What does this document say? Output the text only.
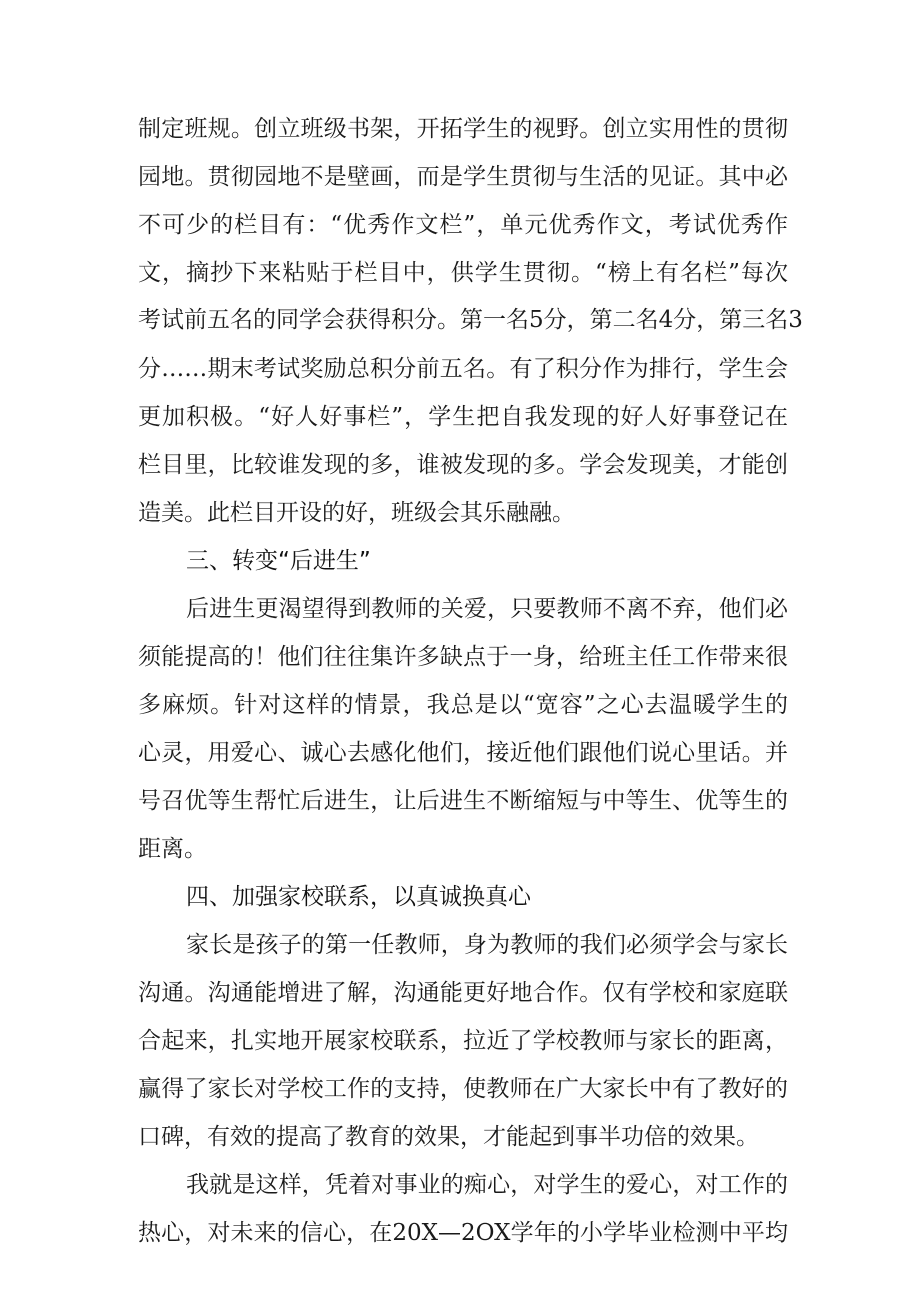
制定班规。创立班级书架，开拓学生的视野。创立实用性的贯彻
园地。贯彻园地不是壁画，而是学生贯彻与生活的见证。其中必
不可少的栏目有：“优秀作文栏”，单元优秀作文，考试优秀作
文，摘抄下来粘贴于栏目中，供学生贯彻。“榜上有名栏”每次
考试前五名的同学会获得积分。第一名5分，第二名4分，第三名3
分……期末考试奖励总积分前五名。有了积分作为排行，学生会
更加积极。“好人好事栏”，学生把自我发现的好人好事登记在
栏目里，比较谁发现的多，谁被发现的多。学会发现美，才能创
造美。此栏目开设的好，班级会其乐融融。
三、转变“后进生”
后进生更渴望得到教师的关爱，只要教师不离不弃，他们必
须能提高的！他们往往集许多缺点于一身，给班主任工作带来很
多麻烦。针对这样的情景，我总是以“宽容”之心去温暖学生的
心灵，用爱心、诚心去感化他们，接近他们跟他们说心里话。并
号召优等生帮忙后进生，让后进生不断缩短与中等生、优等生的
距离。
四、加强家校联系，以真诚换真心
家长是孩子的第一任教师，身为教师的我们必须学会与家长
沟通。沟通能增进了解，沟通能更好地合作。仅有学校和家庭联
合起来，扎实地开展家校联系，拉近了学校教师与家长的距离，
赢得了家长对学校工作的支持，使教师在广大家长中有了教好的
口碑，有效的提高了教育的效果，才能起到事半功倍的效果。
我就是这样，凭着对事业的痴心，对学生的爱心，对工作的
热心，对未来的信心，在20X—2OX学年的小学毕业检测中平均
